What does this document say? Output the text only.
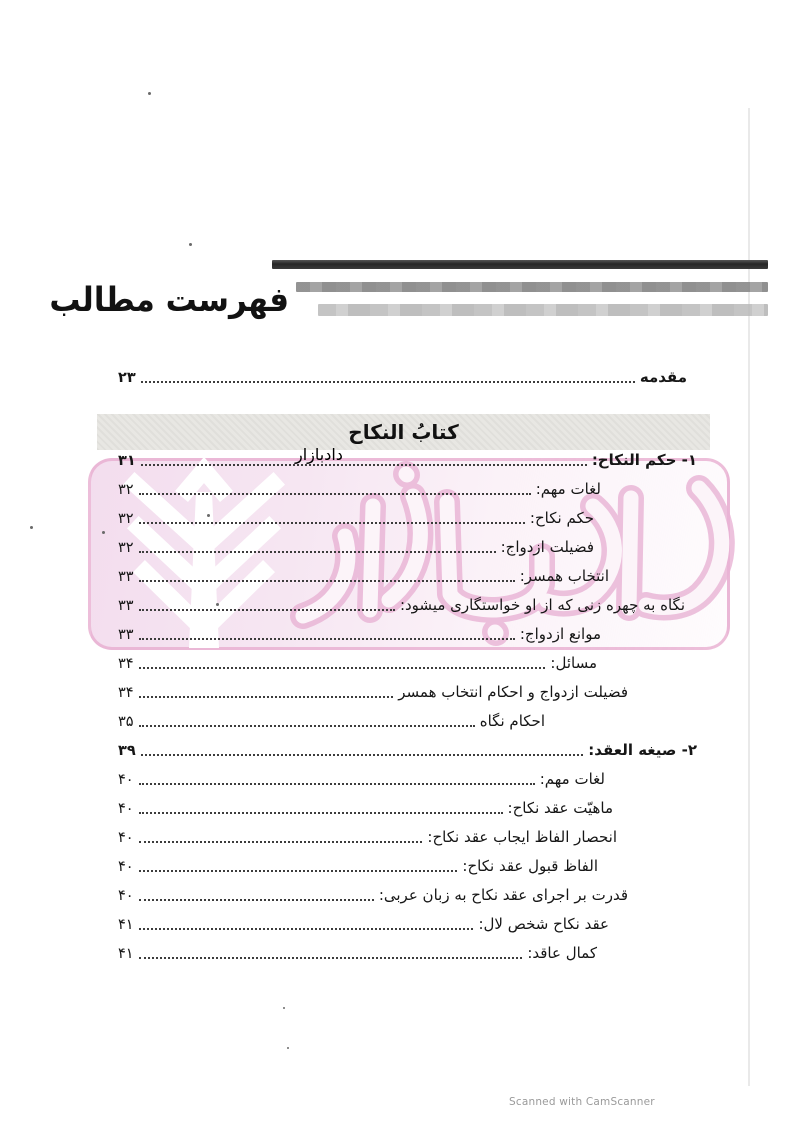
فهرست مطالب
دادبازار
کتابُ النکاح
مقدمه
۲۳
۱- حکم النکاح:
۳۱
لغات مهم:
۳۲
حکم نکاح:
۳۲
فضیلت ازدواج:
۳۲
انتخاب همسر:
۳۳
نگاه به چهره زنی که از او خواستگاری میشود:
۳۳
موانع ازدواج:
۳۳
مسائل:
۳۴
فضیلت ازدواج و احکام انتخاب همسر
۳۴
احکام نگاه
۳۵
۲- صیغه العقد:
۳۹
لغات مهم:
۴۰
ماهیّت عقد نکاح:
۴۰
انحصار الفاظ ایجاب عقد نکاح:
۴۰
الفاظ قبول عقد نکاح:
۴۰
قدرت بر اجرای عقد نکاح به زبان عربی:
۴۰
عقد نکاح شخص لال:
۴۱
کمال عاقد:
۴۱
Scanned with CamScanner
